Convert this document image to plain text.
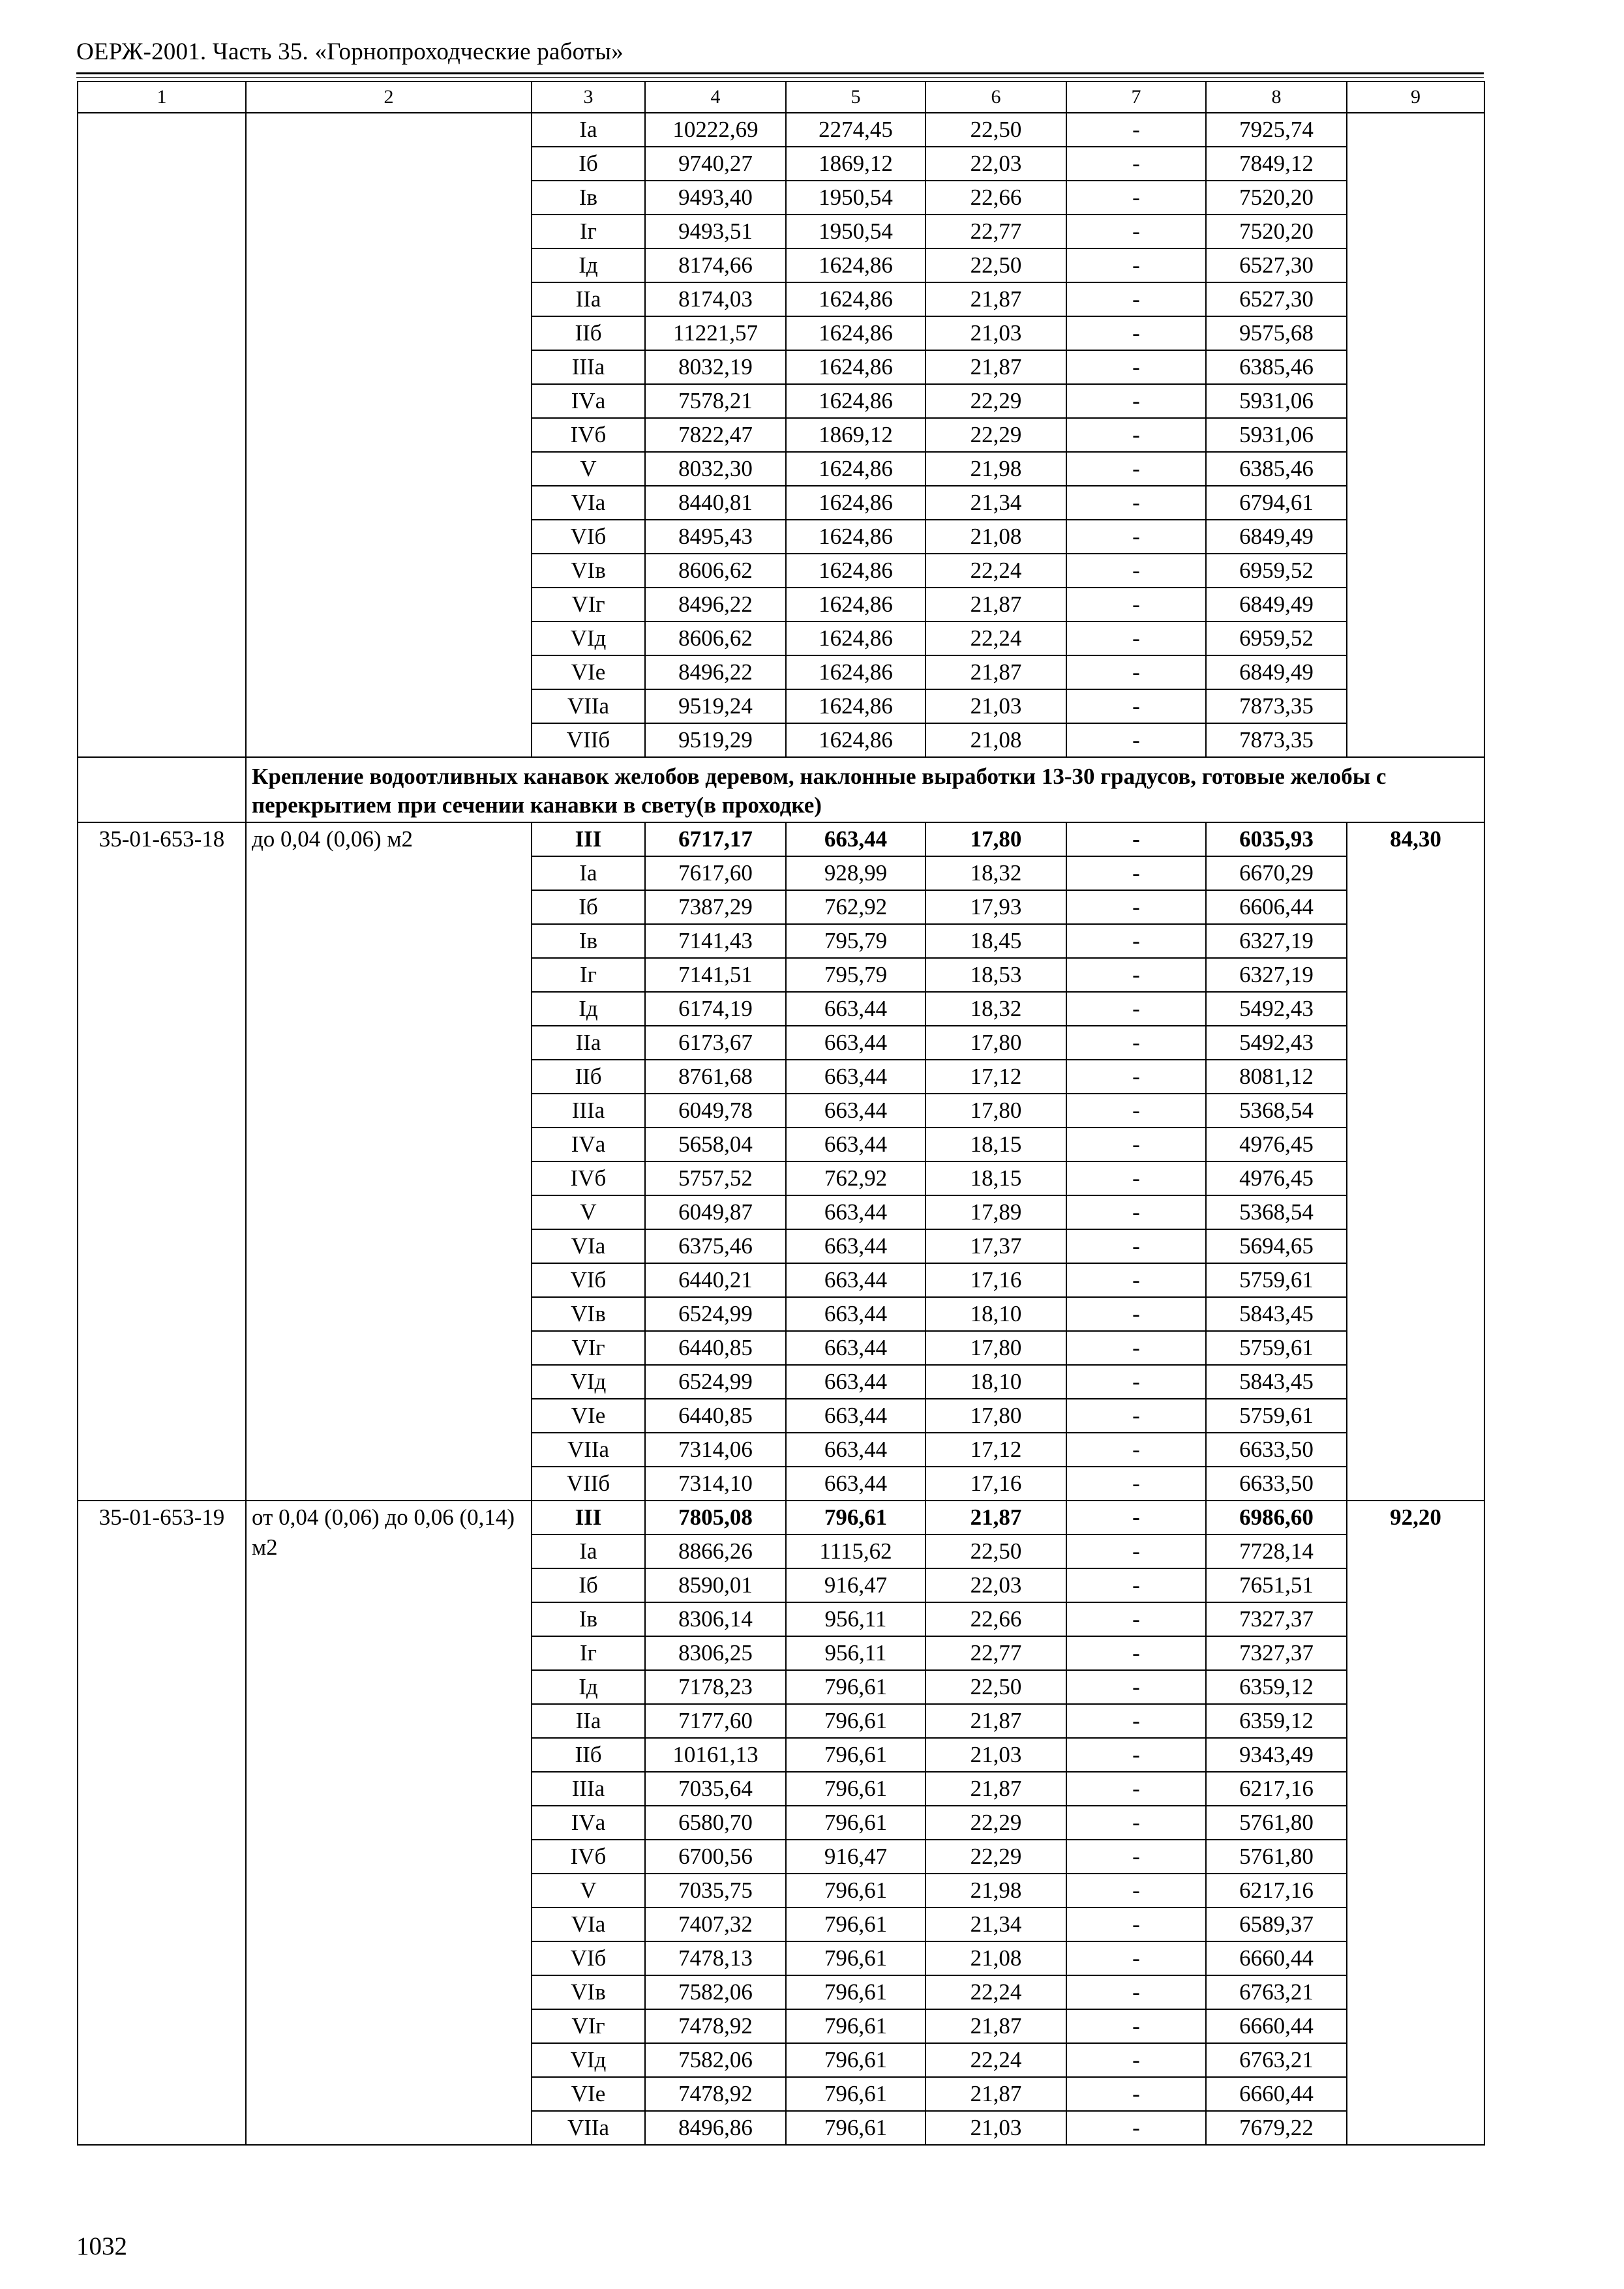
ОЕРЖ-2001. Часть 35. «Горнопроходческие работы»
1	2	3	4	5	6	7	8	9
		Iа	10222,69	2274,45	22,50	-	7925,74	
		Iб	9740,27	1869,12	22,03	-	7849,12	
		Iв	9493,40	1950,54	22,66	-	7520,20	
		Iг	9493,51	1950,54	22,77	-	7520,20	
		Iд	8174,66	1624,86	22,50	-	6527,30	
		IIа	8174,03	1624,86	21,87	-	6527,30	
		IIб	11221,57	1624,86	21,03	-	9575,68	
		IIIа	8032,19	1624,86	21,87	-	6385,46	
		IVа	7578,21	1624,86	22,29	-	5931,06	
		IVб	7822,47	1869,12	22,29	-	5931,06	
		V	8032,30	1624,86	21,98	-	6385,46	
		VIа	8440,81	1624,86	21,34	-	6794,61	
		VIб	8495,43	1624,86	21,08	-	6849,49	
		VIв	8606,62	1624,86	22,24	-	6959,52	
		VIг	8496,22	1624,86	21,87	-	6849,49	
		VIд	8606,62	1624,86	22,24	-	6959,52	
		VIе	8496,22	1624,86	21,87	-	6849,49	
		VIIа	9519,24	1624,86	21,03	-	7873,35	
		VIIб	9519,29	1624,86	21,08	-	7873,35	
	Крепление водоотливных канавок желобов деревом, наклонные выработки 13-30 градусов, готовые желобы с перекрытием при сечении канавки в свету(в проходке)							
35-01-653-18	до 0,04 (0,06) м2	III	6717,17	663,44	17,80	-	6035,93	84,30
		Iа	7617,60	928,99	18,32	-	6670,29	
		Iб	7387,29	762,92	17,93	-	6606,44	
		Iв	7141,43	795,79	18,45	-	6327,19	
		Iг	7141,51	795,79	18,53	-	6327,19	
		Iд	6174,19	663,44	18,32	-	5492,43	
		IIа	6173,67	663,44	17,80	-	5492,43	
		IIб	8761,68	663,44	17,12	-	8081,12	
		IIIа	6049,78	663,44	17,80	-	5368,54	
		IVа	5658,04	663,44	18,15	-	4976,45	
		IVб	5757,52	762,92	18,15	-	4976,45	
		V	6049,87	663,44	17,89	-	5368,54	
		VIа	6375,46	663,44	17,37	-	5694,65	
		VIб	6440,21	663,44	17,16	-	5759,61	
		VIв	6524,99	663,44	18,10	-	5843,45	
		VIг	6440,85	663,44	17,80	-	5759,61	
		VIд	6524,99	663,44	18,10	-	5843,45	
		VIе	6440,85	663,44	17,80	-	5759,61	
		VIIа	7314,06	663,44	17,12	-	6633,50	
		VIIб	7314,10	663,44	17,16	-	6633,50	
35-01-653-19	от 0,04 (0,06) до 0,06 (0,14) м2	III	7805,08	796,61	21,87	-	6986,60	92,20
		Iа	8866,26	1115,62	22,50	-	7728,14	
		Iб	8590,01	916,47	22,03	-	7651,51	
		Iв	8306,14	956,11	22,66	-	7327,37	
		Iг	8306,25	956,11	22,77	-	7327,37	
		Iд	7178,23	796,61	22,50	-	6359,12	
		IIа	7177,60	796,61	21,87	-	6359,12	
		IIб	10161,13	796,61	21,03	-	9343,49	
		IIIа	7035,64	796,61	21,87	-	6217,16	
		IVа	6580,70	796,61	22,29	-	5761,80	
		IVб	6700,56	916,47	22,29	-	5761,80	
		V	7035,75	796,61	21,98	-	6217,16	
		VIа	7407,32	796,61	21,34	-	6589,37	
		VIб	7478,13	796,61	21,08	-	6660,44	
		VIв	7582,06	796,61	22,24	-	6763,21	
		VIг	7478,92	796,61	21,87	-	6660,44	
		VIд	7582,06	796,61	22,24	-	6763,21	
		VIе	7478,92	796,61	21,87	-	6660,44	
		VIIа	8496,86	796,61	21,03	-	7679,22	
1032
